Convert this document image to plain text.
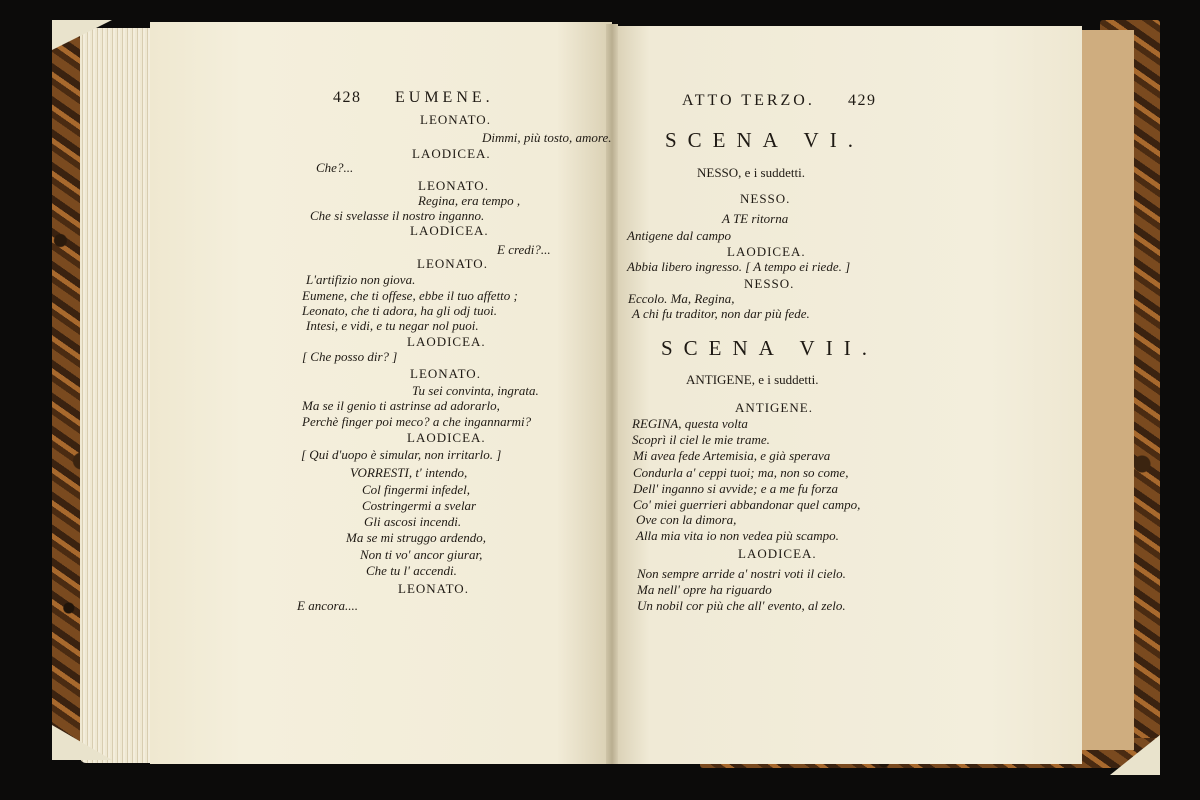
428 EUMENE.	ATTO TERZO. 429
SCENA VI.
NESSO, e i suddetti.
SCENA VII.
ANTIGENE, e i suddetti.
LEONATO.
Dimmi, più tosto, amore.
LAODICEA.
Che?...
LEONATO.
Regina, era tempo ,
Che si svelasse il nostro inganno.
LAODICEA.
E credi?...
LEONATO.
L'artifizio non giova.
Eumene, che ti offese, ebbe il tuo affetto ;
Leonato, che ti adora, ha gli odj tuoi.
Intesi, e vidi, e tu negar nol puoi.
LAODICEA.
[ Che posso dir? ]
LEONATO.
Tu sei convinta, ingrata.
Ma se il genio ti astrinse ad adorarlo,
Perchè finger poi meco? a che ingannarmi?
LAODICEA.
[ Qui d'uopo è simular, non irritarlo. ]
VORRESTI, t' intendo,
Col fingermi infedel,
Costringermi a svelar
Gli ascosi incendi.
Ma se mi struggo ardendo,
Non ti vo' ancor giurar,
Che tu l' accendi.
LEONATO.
E ancora....
NESSO.
A TE ritorna
Antigene dal campo
LAODICEA.
Abbia libero ingresso. [ A tempo ei riede. ]
NESSO.
Eccolo. Ma, Regina,
A chi fu traditor, non dar più fede.
ANTIGENE.
REGINA, questa volta
Scoprì il ciel le mie trame.
Mi avea fede Artemisia, e già sperava
Condurla a' ceppi tuoi; ma, non so come,
Dell' inganno si avvide; e a me fu forza
Co' miei guerrieri abbandonar quel campo,
Ove con la dimora,
Alla mia vita io non vedea più scampo.
LAODICEA.
Non sempre arride a' nostri voti il cielo.
Ma nell' opre ha riguardo
Un nobil cor più che all' evento, al zelo.
